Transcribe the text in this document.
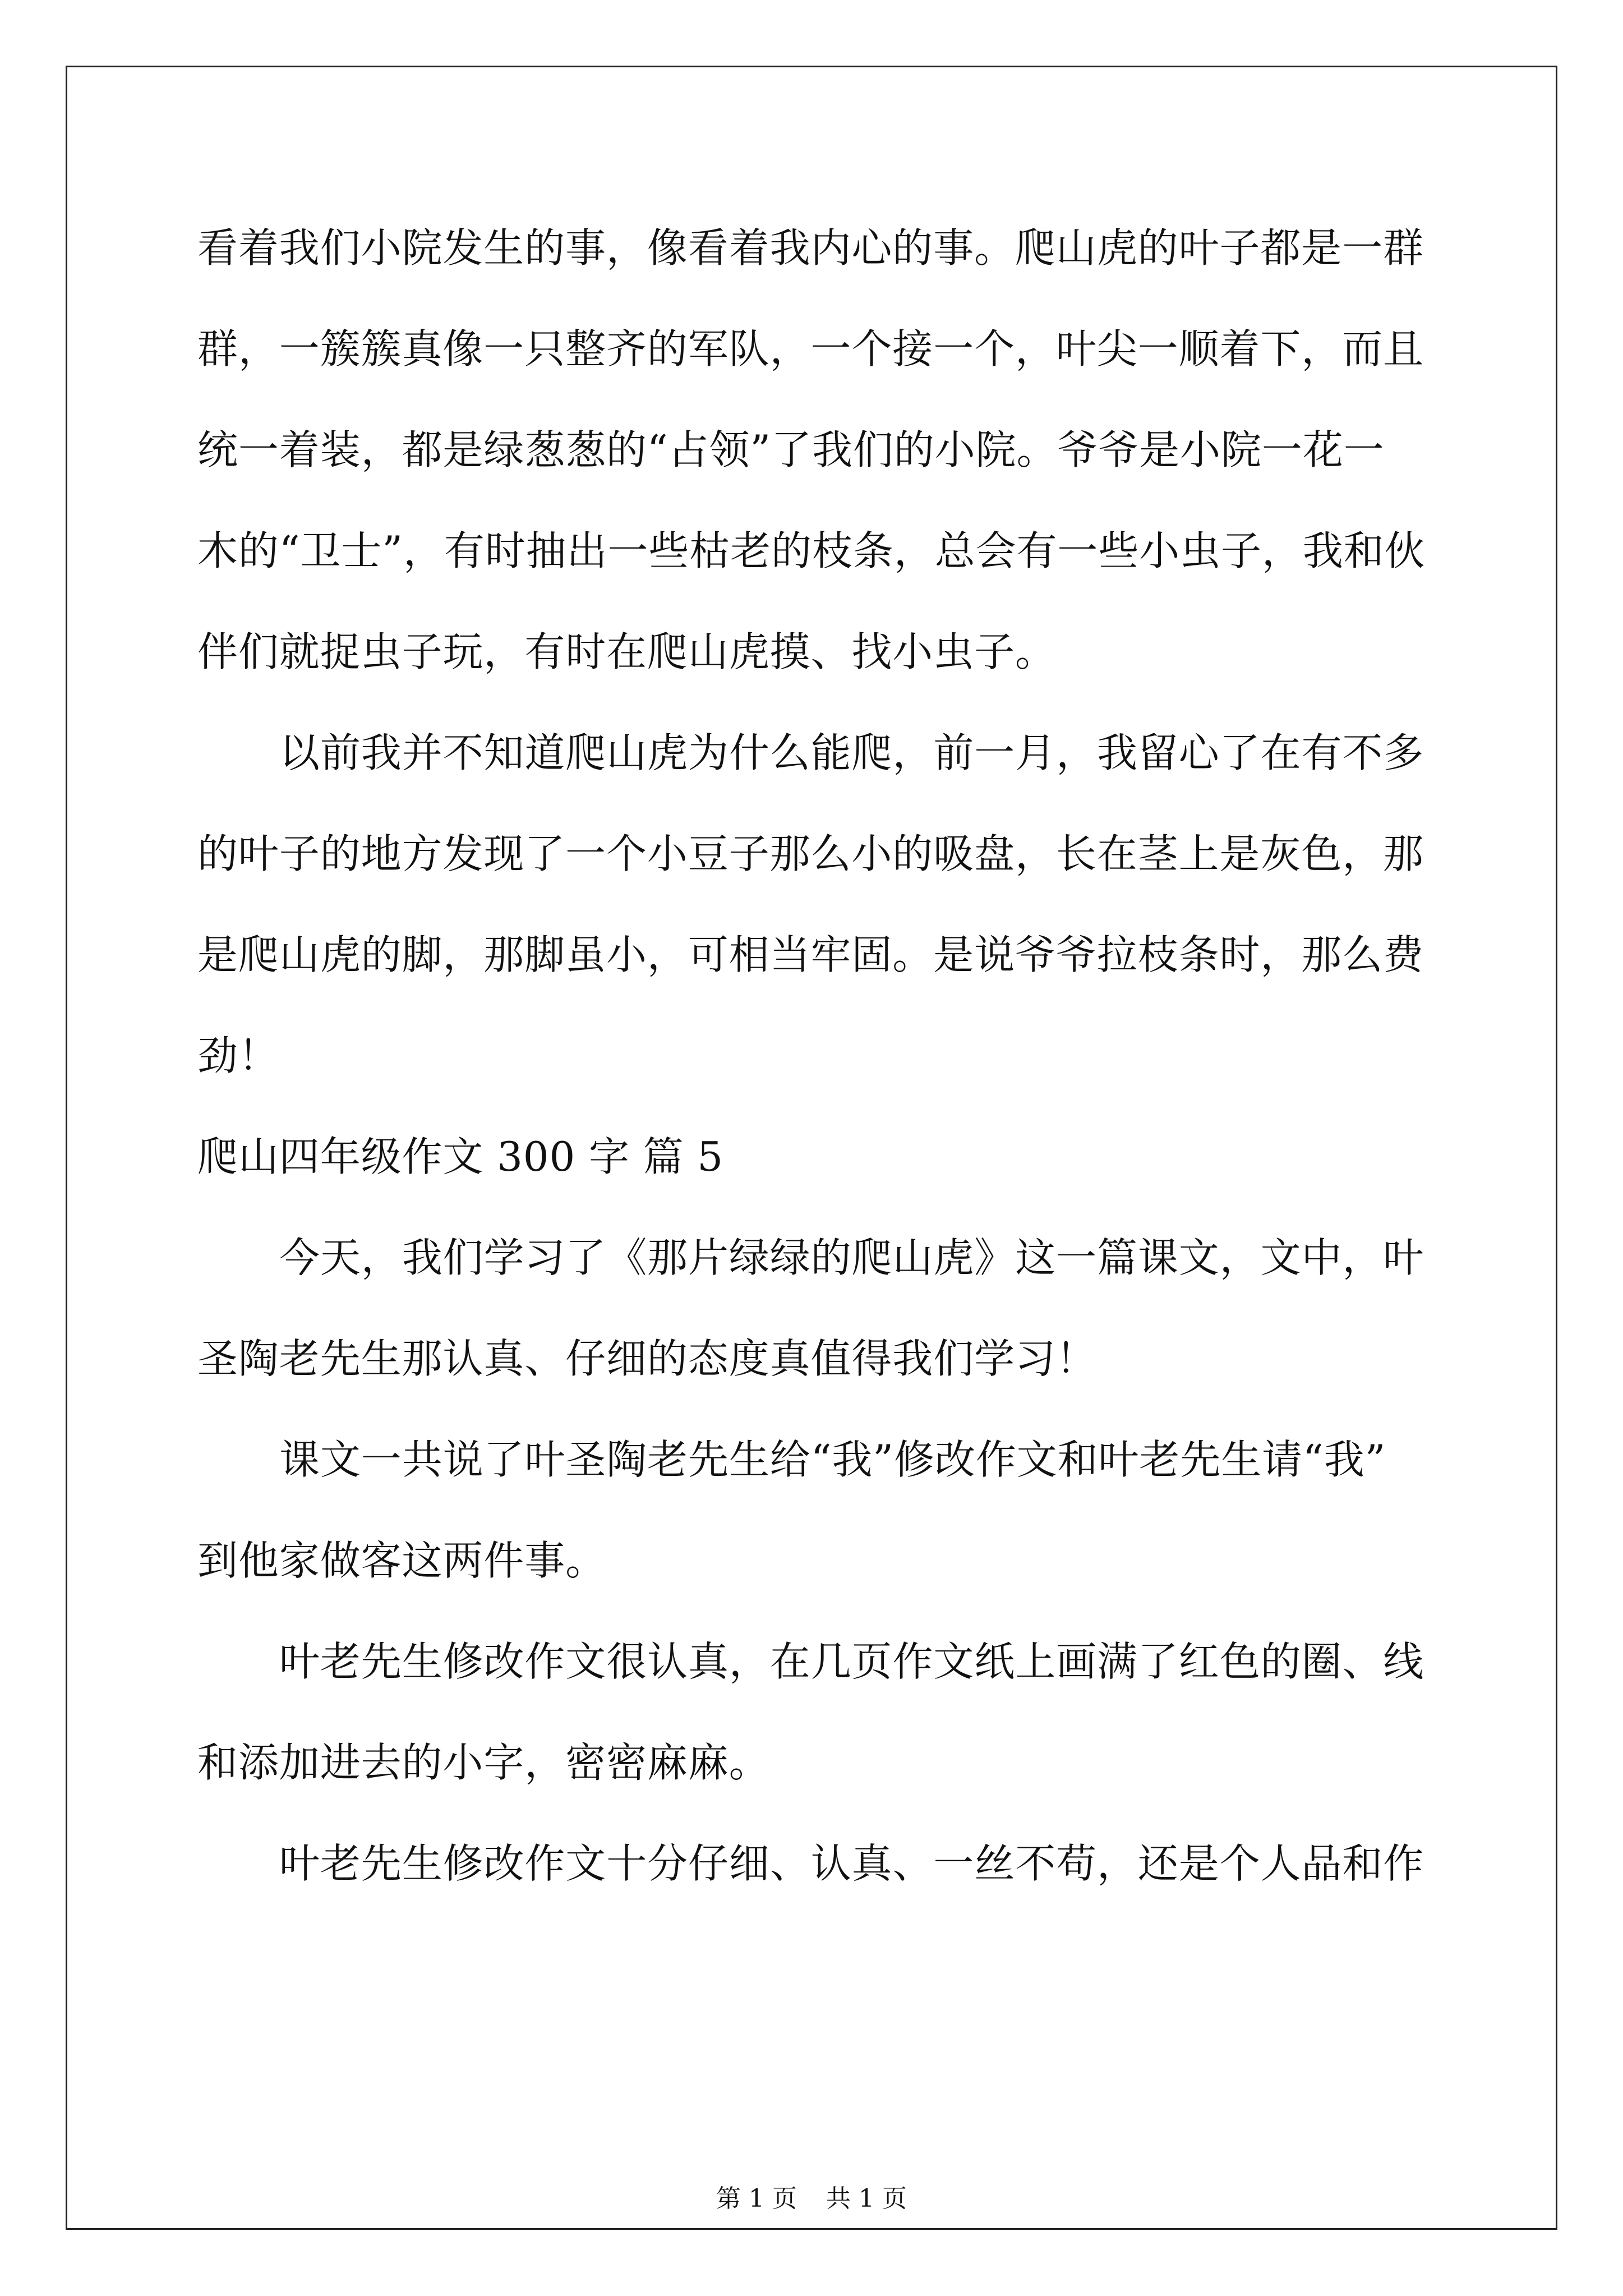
看着我们小院发生的事，像看着我内心的事。爬山虎的叶子都是一群
群，一簇簇真像一只整齐的军队，一个接一个，叶尖一顺着下，而且
统一着装，都是绿葱葱的“占领”了我们的小院。爷爷是小院一花一
木的“卫士”，有时抽出一些枯老的枝条，总会有一些小虫子，我和伙
伴们就捉虫子玩，有时在爬山虎摸、找小虫子。
以前我并不知道爬山虎为什么能爬，前一月，我留心了在有不多
的叶子的地方发现了一个小豆子那么小的吸盘，长在茎上是灰色，那
是爬山虎的脚，那脚虽小，可相当牢固。是说爷爷拉枝条时，那么费
劲！
爬山四年级作文 300 字 篇 5
今天，我们学习了《那片绿绿的爬山虎》这一篇课文，文中，叶
圣陶老先生那认真、仔细的态度真值得我们学习！
课文一共说了叶圣陶老先生给“我”修改作文和叶老先生请“我”
到他家做客这两件事。
叶老先生修改作文很认真，在几页作文纸上画满了红色的圈、线
和添加进去的小字，密密麻麻。
叶老先生修改作文十分仔细、认真、一丝不苟，还是个人品和作
第 1 页 共 1 页
